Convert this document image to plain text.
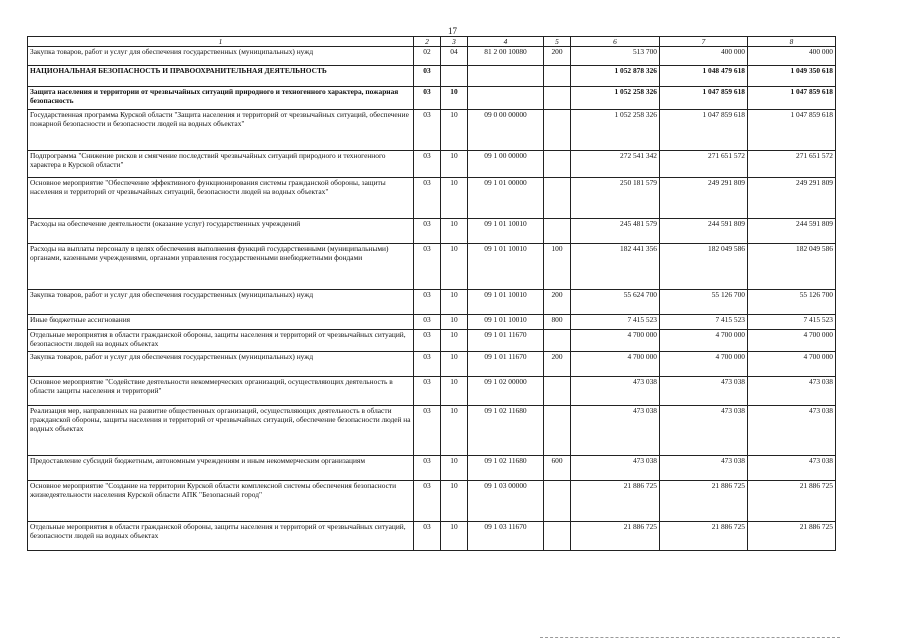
17
1	2	3	4	5	6	7	8
Закупка товаров, работ и услуг для обеспечения государственных (муниципальных) нужд	02	04	81 2 00 10080	200	513 700	400 000	400 000
НАЦИОНАЛЬНАЯ БЕЗОПАСНОСТЬ И ПРАВООХРАНИТЕЛЬНАЯ ДЕЯТЕЛЬНОСТЬ	03				1 052 878 326	1 048 479 618	1 049 350 618
Защита населения и территории от чрезвычайных ситуаций природного и техногенного характера, пожарная безопасность	03	10			1 052 258 326	1 047 859 618	1 047 859 618
Государственная программа Курской области "Защита населения и территорий от чрезвычайных ситуаций, обеспечение пожарной безопасности и безопасности людей на водных объектах"	03	10	09 0 00 00000		1 052 258 326	1 047 859 618	1 047 859 618
Подпрограмма "Снижение рисков и смягчение последствий чрезвычайных ситуаций природного и техногенного характера в Курской области"	03	10	09 1 00 00000		272 541 342	271 651 572	271 651 572
Основное мероприятие "Обеспечение эффективного функционирования системы гражданской обороны, защиты населения и территорий от чрезвычайных ситуаций, безопасности людей на водных объектах"	03	10	09 1 01 00000		250 181 579	249 291 809	249 291 809
Расходы на обеспечение деятельности (оказание услуг) государственных учреждений	03	10	09 1 01 10010		245 481 579	244 591 809	244 591 809
Расходы на выплаты персоналу в целях обеспечения выполнения функций государственными (муниципальными) органами, казенными учреждениями, органами управления государственными внебюджетными фондами	03	10	09 1 01 10010	100	182 441 356	182 049 586	182 049 586
Закупка товаров, работ и услуг для обеспечения государственных (муниципальных) нужд	03	10	09 1 01 10010	200	55 624 700	55 126 700	55 126 700
Иные бюджетные ассигнования	03	10	09 1 01 10010	800	7 415 523	7 415 523	7 415 523
Отдельные мероприятия в области гражданской обороны, защиты населения и территорий от чрезвычайных ситуаций, безопасности людей на водных объектах	03	10	09 1 01 11670		4 700 000	4 700 000	4 700 000
Закупка товаров, работ и услуг для обеспечения государственных (муниципальных) нужд	03	10	09 1 01 11670	200	4 700 000	4 700 000	4 700 000
Основное мероприятие "Содействие деятельности некоммерческих организаций, осуществляющих деятельность в области защиты населения и территорий"	03	10	09 1 02 00000		473 038	473 038	473 038
Реализация мер, направленных на развитие общественных организаций, осуществляющих деятельность в области гражданской обороны, защиты населения и территорий от чрезвычайных ситуаций, обеспечение безопасности людей на водных объектах	03	10	09 1 02 11680		473 038	473 038	473 038
Предоставление субсидий бюджетным, автономным учреждениям и иным некоммерческим организациям	03	10	09 1 02 11680	600	473 038	473 038	473 038
Основное мероприятие "Создание на территории Курской области комплексной системы обеспечения безопасности жизнедеятельности населения Курской области АПК "Безопасный город"	03	10	09 1 03 00000		21 886 725	21 886 725	21 886 725
Отдельные мероприятия в области гражданской обороны, защиты населения и территорий от чрезвычайных ситуаций, безопасности людей на водных объектах	03	10	09 1 03 11670		21 886 725	21 886 725	21 886 725
